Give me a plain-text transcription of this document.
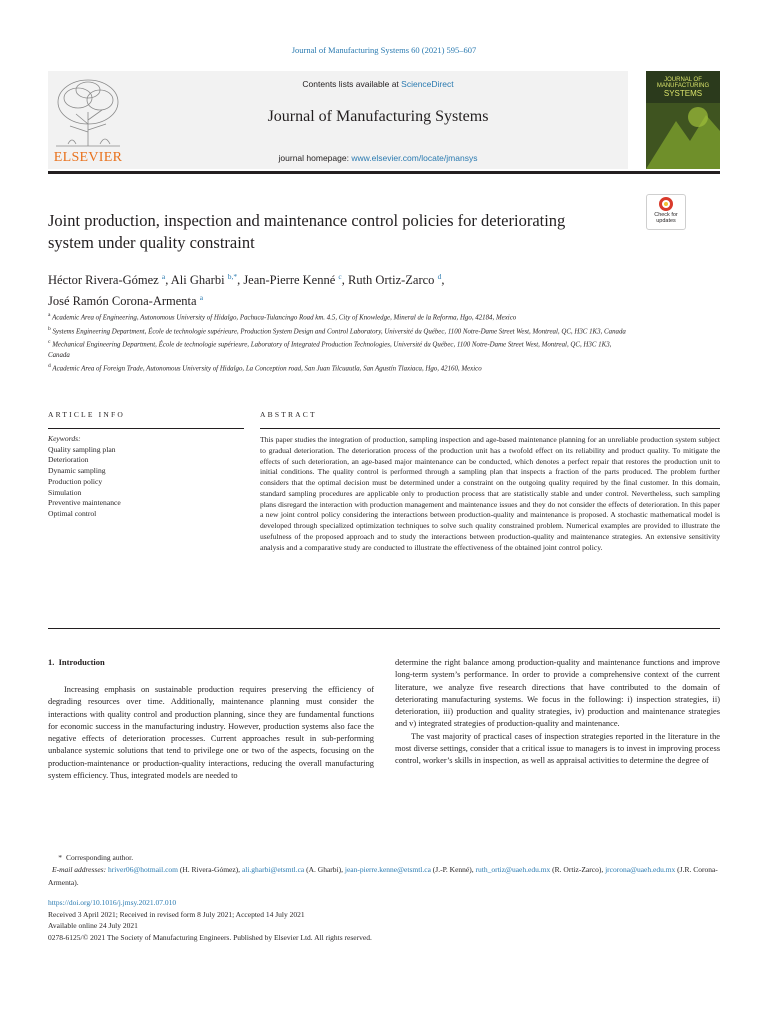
Journal of Manufacturing Systems 60 (2021) 595–607
ELSEVIER
Contents lists available at ScienceDirect
Journal of Manufacturing Systems
journal homepage: www.elsevier.com/locate/jmansys
JOURNAL OF
MANUFACTURING
SYSTEMS
Joint production, inspection and maintenance control policies for deteriorating system under quality constraint
Check for
updates
Héctor Rivera-Gómez $^a$, Ali Gharbi $^{b,*}$, Jean-Pierre Kenné $^c$, Ruth Ortiz-Zarco $^d$,
José Ramón Corona-Armenta $^a$
$^a$ Academic Area of Engineering, Autonomous University of Hidalgo, Pachuca-Tulancingo Road km. 4.5, City of Knowledge, Mineral de la Reforma, Hgo, 42184, Mexico
$^b$ Systems Engineering Department, École de technologie supérieure, Production System Design and Control Laboratory, Université du Québec, 1100 Notre-Dame Street West, Montreal, QC, H3C 1K3, Canada
$^c$ Mechanical Engineering Department, École de technologie supérieure, Laboratory of Integrated Production Technologies, Université du Québec, 1100 Notre-Dame Street West, Montreal, QC, H3C 1K3, Canada
$^d$ Academic Area of Foreign Trade, Autonomous University of Hidalgo, La Conception road, San Juan Tilcuautla, San Agustín Tlaxiaca, Hgo, 42160, Mexico
ARTICLE INFO	ABSTRACT
Keywords:
Quality sampling plan
Deterioration
Dynamic sampling
Production policy
Simulation
Preventive maintenance
Optimal control
This paper studies the integration of production, sampling inspection and age-based maintenance planning for an unreliable production system subject to gradual deterioration. The deterioration process of the production unit has a twofold effect on its reliability and product quality. To mitigate the effects of such deterioration, an age-based major maintenance can be conducted, which denotes a perfect repair that restores the production unit to initial conditions. The quality control is performed through a sampling plan that inspects a fraction of the parts produced. The problem further considers that the optimal decision must be determined under a constraint on the outgoing quality required by the final customer. In this domain, standard sampling procedures are applicable only to production process that are statistically stable and under control. Nevertheless, such sampling plans disregard the interaction with production management and maintenance issues and they do not consider the effects of deterioration. In this paper a new joint control policy considering the interactions between production-quality and maintenance is proposed. A stochastic mathematical model is developed through specialized optimization techniques to solve such quality constrained problem. Numerical examples are provided to illustrate the usefulness of the proposed approach and to study the interactions between production-quality and maintenance strategies. An extensive sensitivity analysis and a comparative study are conducted to illustrate the effectiveness of the obtained joint control policy.
1.  Introduction
Increasing emphasis on sustainable production requires preserving the efficiency of degrading resources over time. Additionally, maintenance planning must consider the interactions with quality control and production planning, since they are fundamental functions for economic success in the manufacturing industry. However, production systems also face the negative effects of deterioration processes. Current approaches result in sub-performing unbalance systemic solutions that tend to privilege one or two of the aspects, focusing on the production-maintenance or production-quality interactions, reducing the overall manufacturing system efficiency. Thus, integrated models are needed to

determine the right balance among production-quality and maintenance functions and improve long-term system’s performance. In order to provide a comprehensive context of the current literature, we analyze five research directions that have contributed to the domain of deteriorating manufacturing systems. We focus in the following: i) inspection strategies, ii) deterioration, iii) production and quality strategies, iv) production and maintenance strategies and v) integrated strategies of production-quality and maintenance.

The vast majority of practical cases of inspection strategies reported in the literature in the most diverse settings, consider that a critical issue to managers is to invest in improving process control, worker’s skills in inspection, as well as appraisal activities to determine the degree of

* Corresponding author.
E-mail addresses: hriver06@hotmail.com (H. Rivera-Gómez), ali.gharbi@etsmtl.ca (A. Gharbi), jean-pierre.kenne@etsmtl.ca (J.-P. Kenné), ruth_ortiz@uaeh.edu.mx (R. Ortiz-Zarco), jrcorona@uaeh.edu.mx (J.R. Corona-Armenta).
https://doi.org/10.1016/j.jmsy.2021.07.010
Received 3 April 2021; Received in revised form 8 July 2021; Accepted 14 July 2021
Available online 24 July 2021
0278-6125/© 2021 The Society of Manufacturing Engineers. Published by Elsevier Ltd. All rights reserved.
